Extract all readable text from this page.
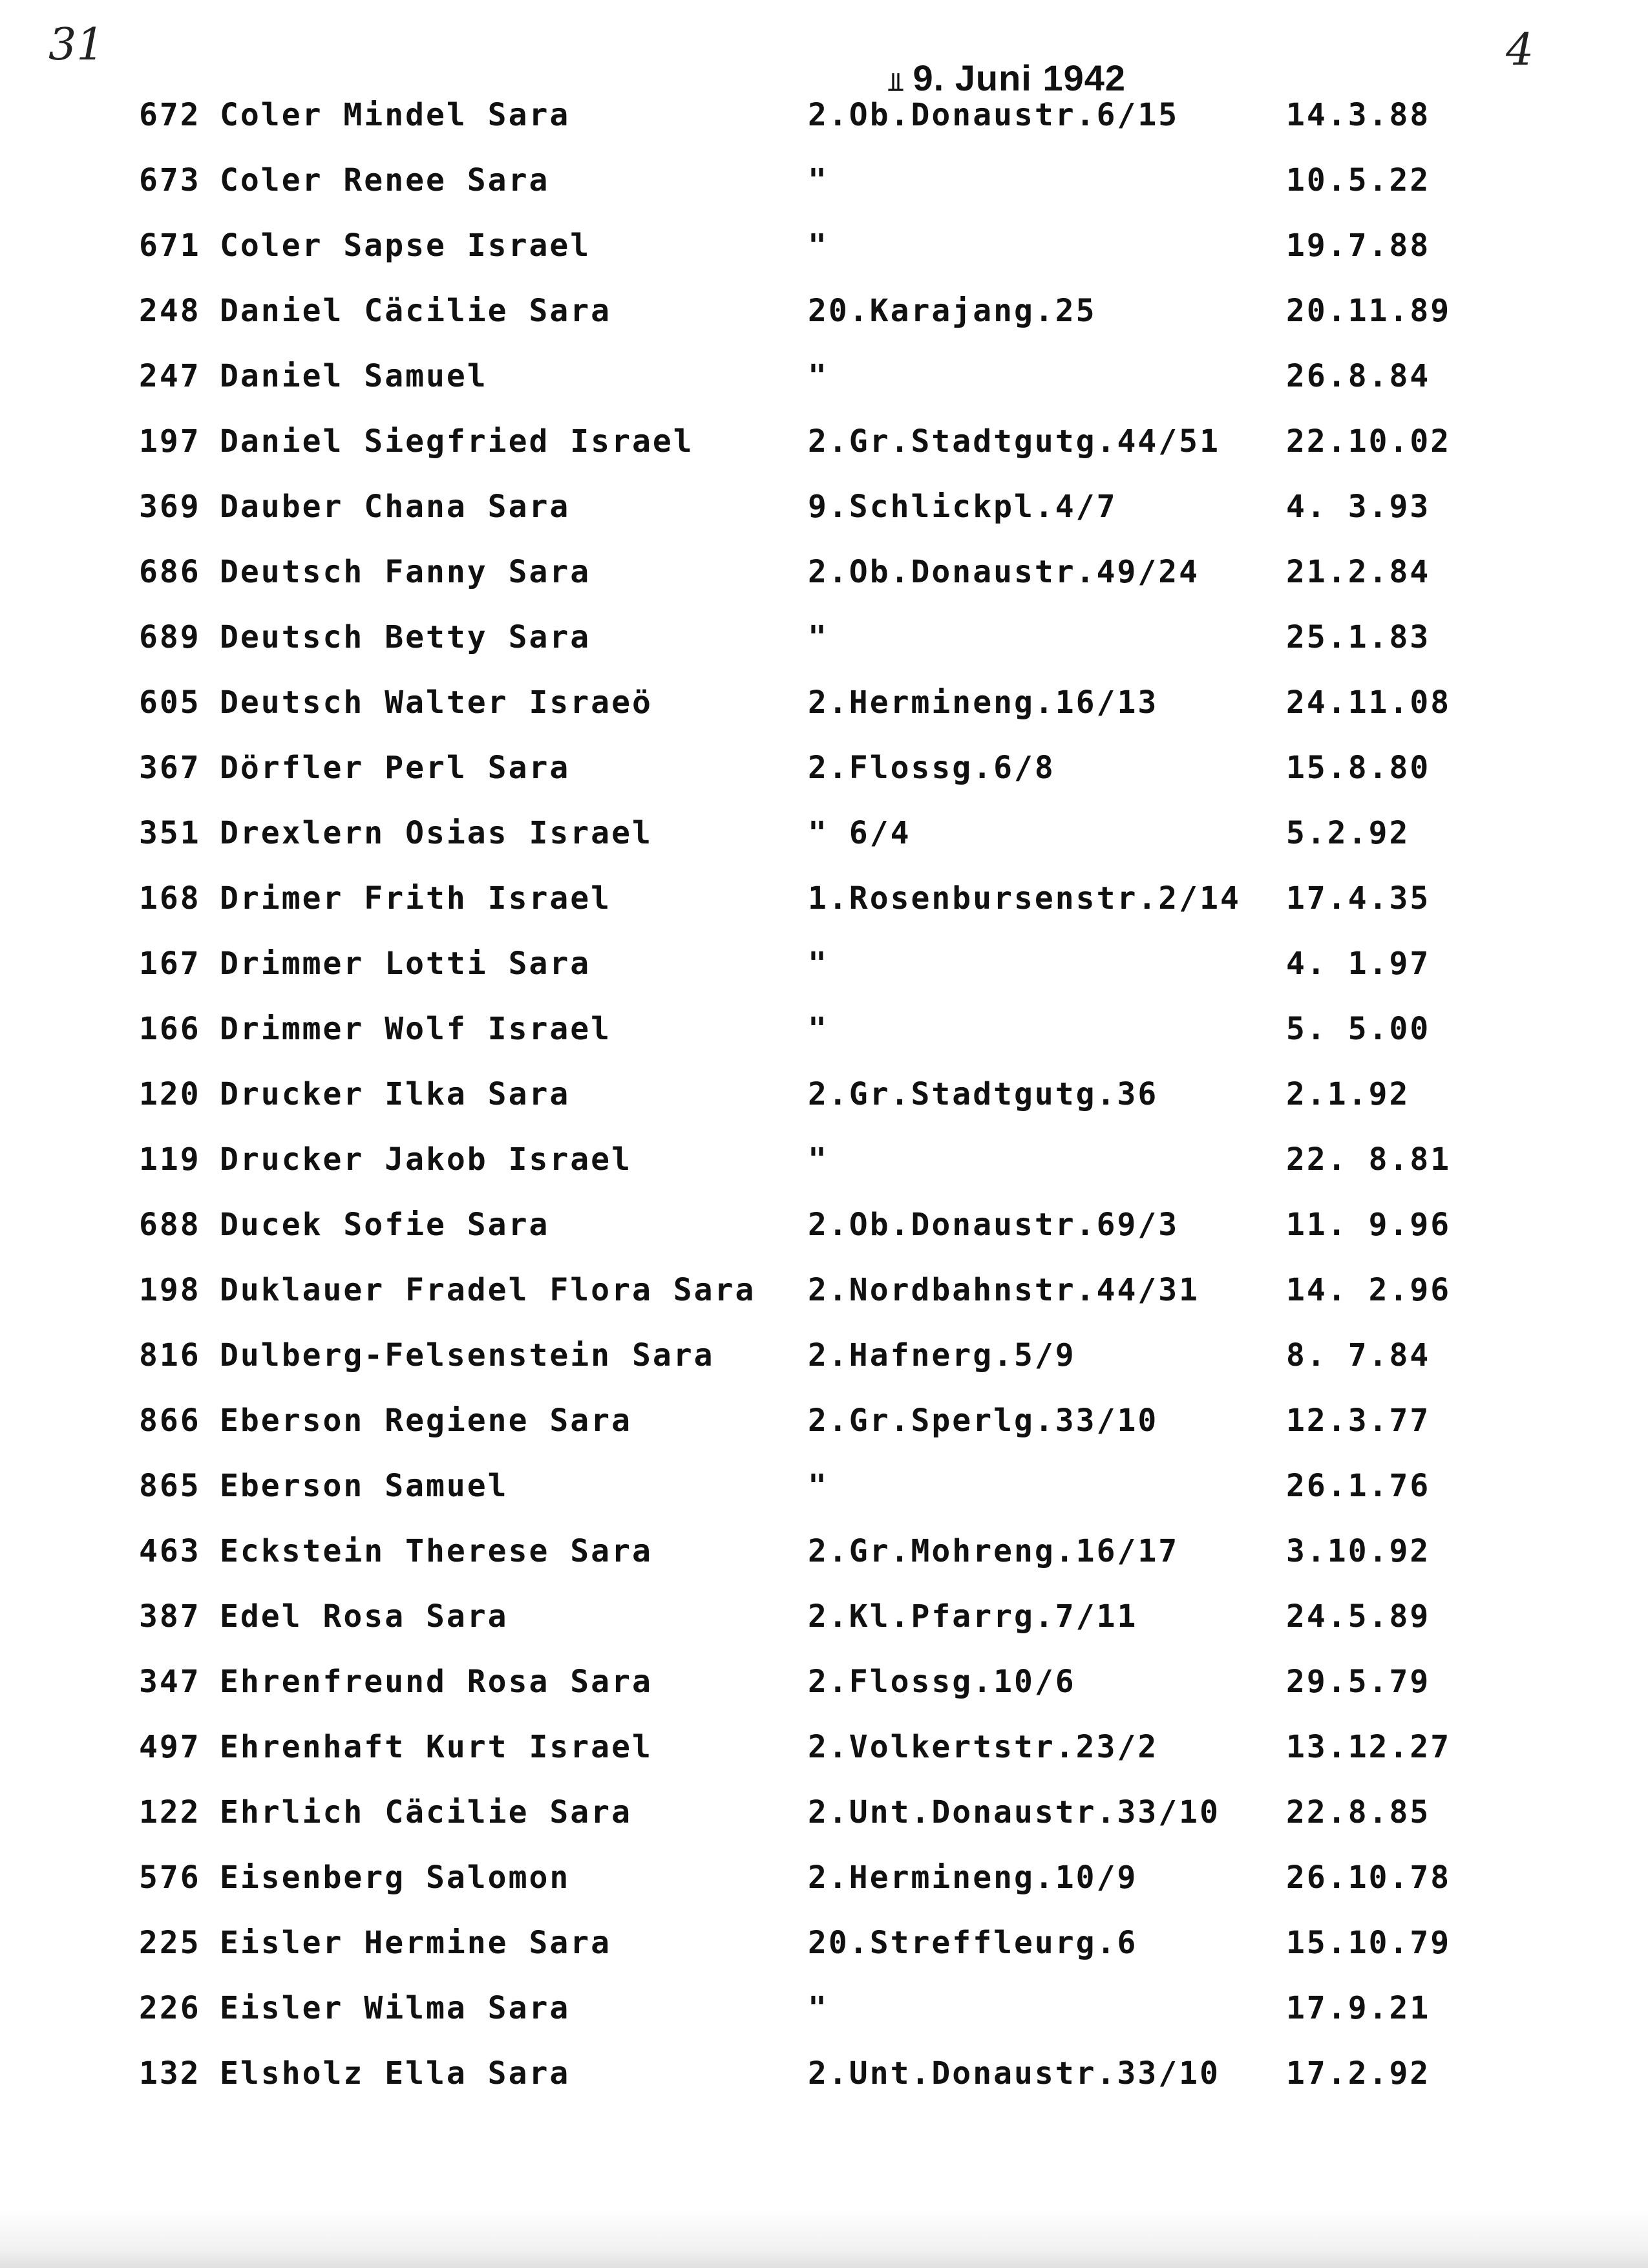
31	4
⫫ 9. Juni 1942
672 Coler Mindel Sara	2.Ob.Donaustr.6/15	14.3.88
673 Coler Renee Sara	"	10.5.22
671 Coler Sapse Israel	"	19.7.88
248 Daniel Cäcilie Sara	20.Karajang.25	20.11.89
247 Daniel Samuel	"	26.8.84
197 Daniel Siegfried Israel	2.Gr.Stadtgutg.44/51 22.10.02
369 Dauber Chana Sara	9.Schlickpl.4/7	4. 3.93
686 Deutsch Fanny Sara	2.Ob.Donaustr.49/24	21.2.84
689 Deutsch Betty Sara	"	25.1.83
605 Deutsch Walter Israeö	2.Hermineng.16/13	24.11.08
367 Dörfler Perl Sara	2.Flossg.6/8	15.8.80
351 Drexlern Osias Israel	" 6/4	5.2.92
168 Drimer Frith Israel	1.Rosenbursenstr.2/14 17.4.35
167 Drimmer Lotti Sara	"	4. 1.97
166 Drimmer Wolf Israel	"	5. 5.00
120 Drucker Ilka Sara	2.Gr.Stadtgutg.36	2.1.92
119 Drucker Jakob Israel	"	22. 8.81
688 Ducek Sofie Sara	2.Ob.Donaustr.69/3	11. 9.96
198 Duklauer Fradel Flora Sara 2.Nordbahnstr.44/31	14. 2.96
816 Dulberg-Felsenstein Sara	2.Hafnerg.5/9	8. 7.84
866 Eberson Regiene Sara	2.Gr.Sperlg.33/10	12.3.77
865 Eberson Samuel	"	26.1.76
463 Eckstein Therese Sara	2.Gr.Mohreng.16/17	3.10.92
387 Edel Rosa Sara	2.Kl.Pfarrg.7/11	24.5.89
347 Ehrenfreund Rosa Sara	2.Flossg.10/6	29.5.79
497 Ehrenhaft Kurt Israel	2.Volkertstr.23/2	13.12.27
122 Ehrlich Cäcilie Sara	2.Unt.Donaustr.33/10 22.8.85
576 Eisenberg Salomon	2.Hermineng.10/9	26.10.78
225 Eisler Hermine Sara	20.Streffleurg.6	15.10.79
226 Eisler Wilma Sara	"	17.9.21
132 Elsholz Ella Sara	2.Unt.Donaustr.33/10 17.2.92
